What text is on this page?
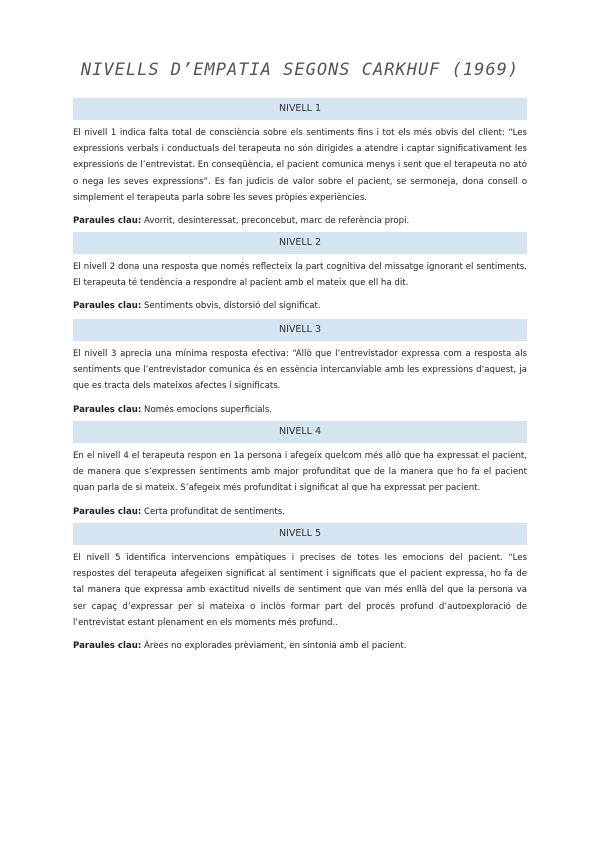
NIVELLS D’EMPATIA SEGONS CARKHUF (1969)
NIVELL 1

El nivell 1 indica falta total de consciència sobre els sentiments fins i tot els més obvis del client: “Les expressions verbals i conductuals del terapeuta no són dirigides a atendre i captar significativament les expressions de l’entrevistat. En conseqüència, el pacient comunica menys i sent que el terapeuta no ató o nega les seves expressions”. Es fan judicis de valor sobre el pacient, se sermoneja, dona consell o simplement el terapeuta parla sobre les seves pròpies experiències.

Paraules clau: Avorrit, desinteressat, preconcebut, marc de referència propi.
NIVELL 2

El nivell 2 dona una resposta que només reflecteix la part cognitiva del missatge ignorant el sentiments. El terapeuta té tendència a respondre al pacient amb el mateix que ell ha dit.

Paraules clau: Sentiments obvis, distorsió del significat.
NIVELL 3

El nivell 3 aprecia una mínima resposta efectiva: “Allò que l’entrevistador expressa com a resposta als sentiments que l’entrevistador comunica és en essència intercanviable amb les expressions d’aquest, ja que es tracta dels mateixos afectes i significats.

Paraules clau: Només emocions superficials.
NIVELL 4

En el nivell 4 el terapeuta respon en 1a persona i afegeix quelcom més allò que ha expressat el pacient, de manera que s’expressen sentiments amb major profunditat que de la manera que ho fa el pacient quan parla de si mateix. S’afegeix més profunditat i significat al que ha expressat per pacient.

Paraules clau: Certa profunditat de sentiments.
NIVELL 5

El nivell 5 identifica intervencions empàtiques i precises de totes les emocions del pacient. “Les respostes del terapeuta afegeixen significat al sentiment i significats que el pacient expressa, ho fa de tal manera que expressa amb exactitud nivells de sentiment que van més enllà del que la persona va ser capaç d’expressar per si mateixa o inclòs formar part del procés profund d’autoexploració de l’entrevistat estant plenament en els moments més profund..

Paraules clau: Àrees no explorades prèviament, en sintonia amb el pacient.
